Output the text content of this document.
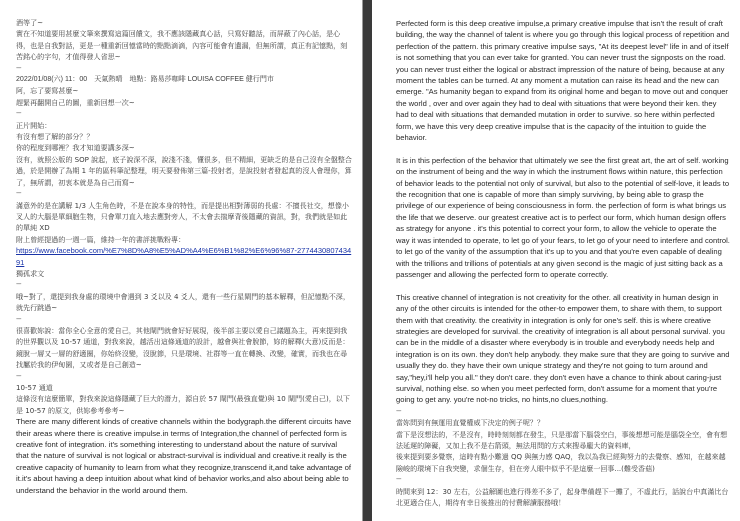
酒等了~

實在不知道要用甚麼文筆來撰寫這篇回饋文，我不應該隱藏真心話，只寫好聽話，而屏蔽了內心話，是心得，也是自我對話，更是一種重新回憶當時的點點滴滴，內容可能會有遺漏，但無所謂，真正有記憶點，刻苦銘心的字句，才值得發人省思~

---

2022/01/08(六) 11：00　天氣熱晴　地點：路易莎咖啡 LOUISA COFFEE 健行門市

阿，忘了要寫甚麼~

趕緊再翻開自己的圖，重新回想一次~

---

正片開始：

有沒有想了解的部分？？

你的程度到哪裡？我才知道要講多深~

沒有，就照公版的 SOP 說起，底子說深不深，說淺不淺，懂很多，但不精細，更缺乏的是自己沒有全盤整合過，於是開辦了為期 1 年的區科筆記整理，明天要發佈第三篇-投射者，是說投射者發起真的沒人會理你，算了，無所謂，初衷本就是為自己而寫~

---

滿意外的是在講解 1/3 人生角色時，不是在說本身的特性，而是提出相對薄弱的長處：不擅長社交，想像小叉人的大腦是單細胞生物，只會單刀直入地去應對旁人，不太會去揣摩背後隱藏的資訊，對，我們就是如此的單純 XD

附上曾經提過的一週一篇，維持一年的書評挑戰粉專：

https://www.facebook.com/%E7%8D%A8%E5%AD%A4%E6%B1%82%E6%96%87-277443080743491

獨孤求文

---

哦~對了，還提到我身處的環境中會遇到 3 爻以及 4 爻人，還有一些行星閘門的基本解釋，但記憶點不深，就先行跳過~

---

很喜歡妳說：當你全心全意的愛自己，其他閘門就會好好展現，後半部主要以愛自己議題為主，再來提到我的世界觀以及 10-57 通道，對我來說，越活出這條通道的設計，越會與社會脫節，妳的解釋(大意)反而是：鏡脫一層又一層的舒適圈，你始終沒變，沒脫節，只是環境、社群等一直在轉換、改變，確實，而我也在尋找屬於我的伊甸園，又或者是自己創造~

---

10-57 通道

這條沒有這麼簡單，對我來說這條隱藏了巨大的潛力，源自於 57 閘門(最強直覺)與 10 閘門(愛自己)，以下是 10-57 的原文，供妳參考參考~

There are many different kinds of creative channels within the bodygraph.the different circuits have their areas where there is creative impulse.in terms of Integration,the channel of perfected form is creative font of integration. it's something interesting to understand about the nature of survival that the nature of survival is not logical or abstract-survival is individual and creative.it really is the creative capacity of humanity to learn from what they recognize,transcend it,and take advantage of it.it's about having a deep intuition about what kind of behavior works,and also about being able to understand the behavior in the world around them.

Perfected form is this deep creative impulse,a primary creative impulse that isn't the result of craft building, the way the channel of talent is where you go through this logical process of repetition and perfection of the pattern. this primary creative impulse says, "At its deepest level" life in and of itself is not something that you can ever take for granted. You can never trust the signposts on the road. you can never trust either the logical or abstract impression of the nature of being, because at any moment the tables can be turned. At any moment a mutation can raise its head and the new can emerge. "As humanity began to expand from its original home and began to move out and conquer the world , over and over again they had to deal with situations that were beyond their ken. they had to deal with situations that demanded mutation in order to survive. so here within perfected form, we have this very deep creative impulse that is the capacity of the intuition to guide the behavior.

It is in this perfection of the behavior that ultimately we see the first great art, the art of self. working on the instrument of being and the way in which the instrument flows within nature, this perfection of behavior leads to the potential not only of survival, but also to the potential of self-love, it leads to the recognition that one is capable of more than simply surviving, by being able to grasp the privilege of our experience of being consciousness in form. the perfection of form is what brings us the life that we deserve. our greatest creative act is to perfect our form, which human design offers as strategy for anyone . it's this potential to correct your form, to allow the vehicle to operate the way it was intended to operate, to let go of your fears, to let go of your need to interfere and control. to let go of the vanity of the assumption that it's up to you and that you're even capable of dealing with the trillions and trillions of potentials at any given second is the magic of just sitting back as a passenger and allowing the perfected form to operate correctly.

This creative channel of integration is not creativity for the other. all creativity in human design in any of the other circuits is intended for the other-to empower them, to share with them, to support them with that creativity. the creativity in integration is only for one's self. this is where creative strategies are developed for survival. the creativity of integration is all about personal survival. you can be in the middle of a disaster where everybody is in trouble and everybody needs help and integration is on its own. they don't help anybody. they make sure that they are going to survive and usually they do. they have their own unique strategy and they're not going to turn around and say,"hey,i'll help you all." they don't care. they don't even have a chance to think about caring-just survival, nothing else. so when you meet perfected form, don't assume for a moment that you're going to get any. you're not-no tricks, no hints,no clues,nothing.

---

當妳問到有無運用直覺權威下決定的例子呢？？

當下是沒想法的，不是沒有，時時刻刻都在發生，只是那當下腦袋空白，事後想想可能是腦袋全空，會有想法延遲的障礙，又加上我不是右箭頭，無法用問的方式來搜尋龐大的資料庫，

後來提到要多覺察，這時有點小難過 QQ 與無力感 QAQ，我以為我已經夠努力的去覺察、感知，在越來越險峻的環境下自我突變，求個生存，但在旁人眼中似乎不是這麼一回事...(難受香菇)

---

時間來到 12：30 左右，公益解圖也進行得差不多了，起身準備趕下一攤了，不虛此行，話說台中真滿比台北更適合住人，期待有幸日後推出的付費解讀服務哦！
